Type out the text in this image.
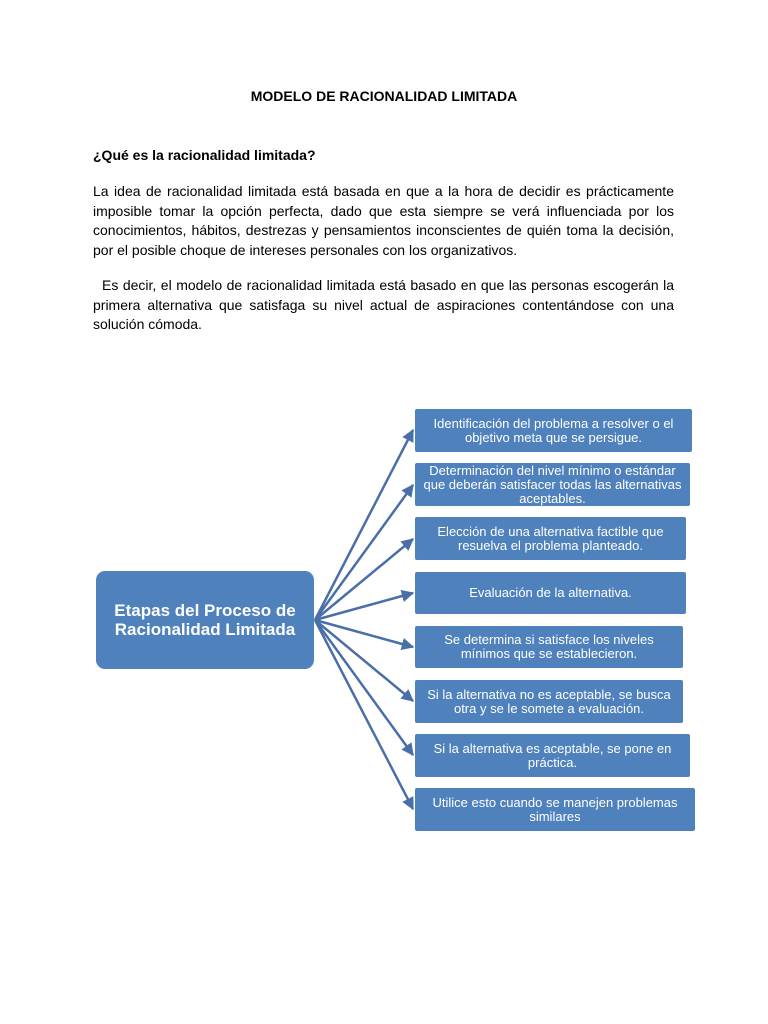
MODELO DE RACIONALIDAD LIMITADA
¿Qué es la racionalidad limitada?
La idea de racionalidad limitada está basada en que a la hora de decidir es prácticamente imposible tomar la opción perfecta, dado que esta siempre se verá influenciada por los conocimientos, hábitos, destrezas y pensamientos inconscientes de quién toma la decisión, por el posible choque de intereses personales con los organizativos.
Es decir, el modelo de racionalidad limitada está basado en que las personas escogerán la primera alternativa que satisfaga su nivel actual de aspiraciones contentándose con una solución cómoda.
Etapas del Proceso de Racionalidad Limitada
Identificación del problema a resolver o el objetivo meta que se persigue.
Determinación del nivel mínimo o estándar que deberán satisfacer todas las alternativas aceptables.
Elección de una alternativa factible que resuelva el problema planteado.
Evaluación de la alternativa.
Se determina si satisface los niveles mínimos que se establecieron.
Si la alternativa no es aceptable, se busca otra y se le somete a evaluación.
Si la alternativa es aceptable, se pone en práctica.
Utilice esto cuando se manejen problemas similares
